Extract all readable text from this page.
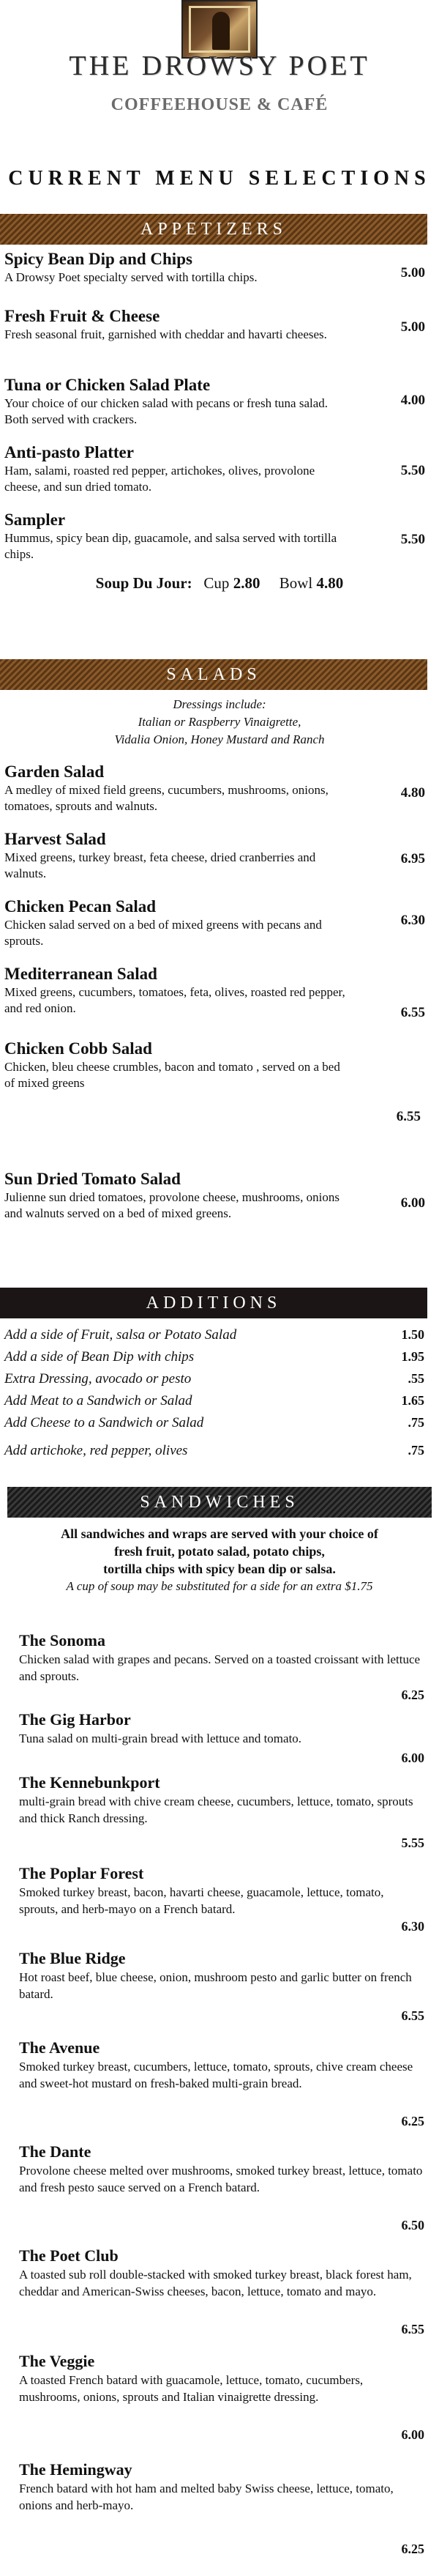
THE DROWSY POET
COFFEEHOUSE & CAFÉ
CURRENT MENU SELECTIONS
APPETIZERS
Spicy Bean Dip and Chips
A Drowsy Poet specialty served with tortilla chips.	5.00
Fresh Fruit & Cheese
Fresh seasonal fruit, garnished with cheddar and havarti cheeses.	5.00
Tuna or Chicken Salad Plate
Your choice of our chicken salad with pecans or fresh tuna salad. Both served with crackers.
4.00
Anti-pasto Platter
Ham, salami, roasted red pepper, artichokes, olives, provolone cheese, and sun dried tomato.
5.50
Sampler
Hummus, spicy bean dip, guacamole, and salsa served with tortilla chips.
5.50
Soup Du Jour: Cup 2.80 Bowl 4.80
SALADS
Dressings include:
Italian or Raspberry Vinaigrette,
Vidalia Onion, Honey Mustard and Ranch
Garden Salad
A medley of mixed field greens, cucumbers, mushrooms, onions, tomatoes, sprouts and walnuts.
4.80
Harvest Salad
Mixed greens, turkey breast, feta cheese, dried cranberries and walnuts.
6.95
Chicken Pecan Salad
Chicken salad served on a bed of mixed greens with pecans and sprouts.
6.30
Mediterranean Salad
Mixed greens, cucumbers, tomatoes, feta, olives, roasted red pepper, and red onion.	6.55
Chicken Cobb Salad
Chicken, bleu cheese crumbles, bacon and tomato , served on a bed of mixed greens
6.55
Sun Dried Tomato Salad
Julienne sun dried tomatoes, provolone cheese, mushrooms, onions and walnuts served on a bed of mixed greens.
6.00
ADDITIONS
Add a side of Fruit, salsa or Potato Salad	1.50
Add a side of Bean Dip with chips	1.95
Extra Dressing, avocado or pesto	.55
Add Meat to a Sandwich or Salad	1.65
Add Cheese to a Sandwich or Salad	.75
Add artichoke, red pepper, olives	.75
SANDWICHES
All sandwiches and wraps are served with your choice of
fresh fruit, potato salad, potato chips,
tortilla chips with spicy bean dip or salsa.
A cup of soup may be substituted for a side for an extra $1.75
The Sonoma
Chicken salad with grapes and pecans. Served on a toasted croissant with lettuce and sprouts.
6.25
The Gig Harbor
Tuna salad on multi-grain bread with lettuce and tomato.
6.00
The Kennebunkport
multi-grain bread with chive cream cheese, cucumbers, lettuce, tomato, sprouts and thick Ranch dressing.
5.55
The Poplar Forest
Smoked turkey breast, bacon, havarti cheese, guacamole, lettuce, tomato, sprouts, and herb-mayo on a French batard.
6.30
The Blue Ridge
Hot roast beef, blue cheese, onion, mushroom pesto and garlic butter on french batard.
6.55
The Avenue
Smoked turkey breast, cucumbers, lettuce, tomato, sprouts, chive cream cheese and sweet-hot mustard on fresh-baked multi-grain bread.
6.25
The Dante
Provolone cheese melted over mushrooms, smoked turkey breast, lettuce, tomato and fresh pesto sauce served on a French batard.
6.50
The Poet Club
A toasted sub roll double-stacked with smoked turkey breast, black forest ham, cheddar and American-Swiss cheeses, bacon, lettuce, tomato and mayo.
6.55
The Veggie
A toasted French batard with guacamole, lettuce, tomato, cucumbers, mushrooms, onions, sprouts and Italian vinaigrette dressing.
6.00
The Hemingway
French batard with hot ham and melted baby Swiss cheese, lettuce, tomato, onions and herb-mayo.
6.25
